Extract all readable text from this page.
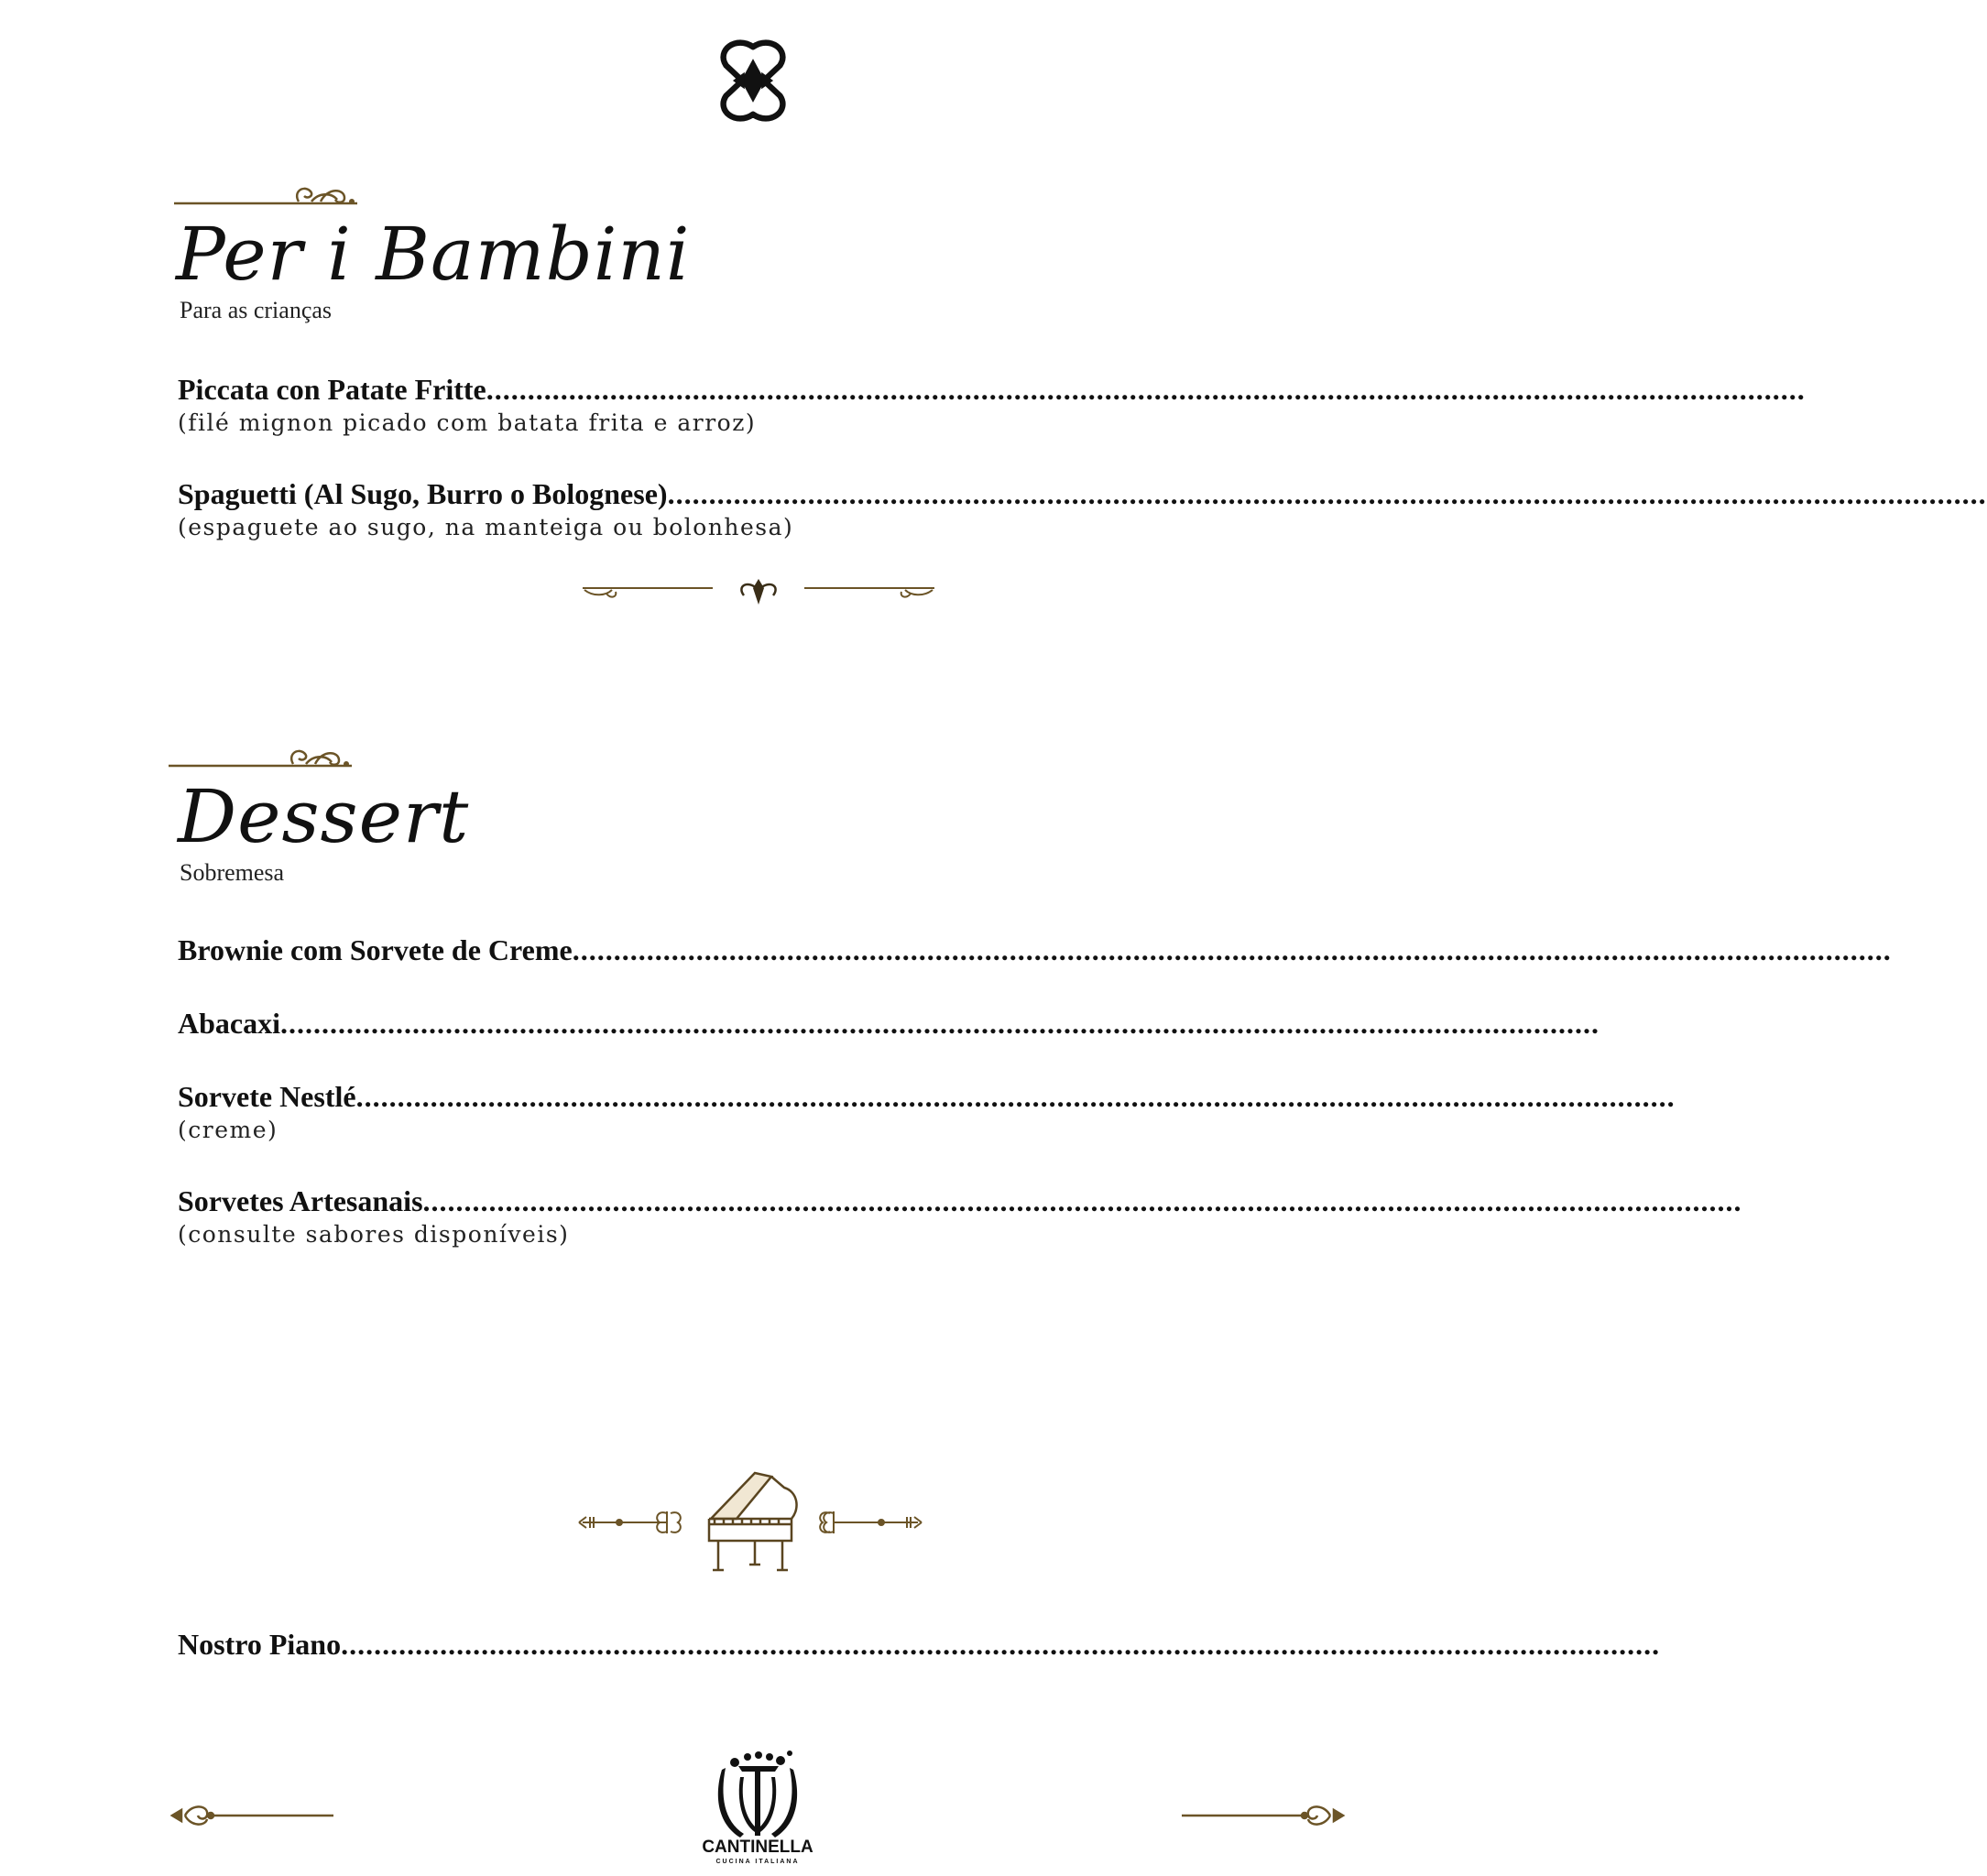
Per i Bambini
Para as crianças
Piccata con Patate Fritte ................................................................................................................................................................
(filé mignon picado com batata frita e arroz)
Spaguetti (Al Sugo, Burro o Bolognese) ................................................................................................................................................................
(espaguete ao sugo, na manteiga ou bolonhesa)
Dessert
Sobremesa
Brownie com Sorvete de Creme ................................................................................................................................................................
Abacaxi ................................................................................................................................................................
Sorvete Nestlé ................................................................................................................................................................
(creme)
Sorvetes Artesanais ................................................................................................................................................................
(consulte sabores disponíveis)
Nostro Piano ................................................................................................................................................................
CANTINELLA
CUCINA ITALIANA
